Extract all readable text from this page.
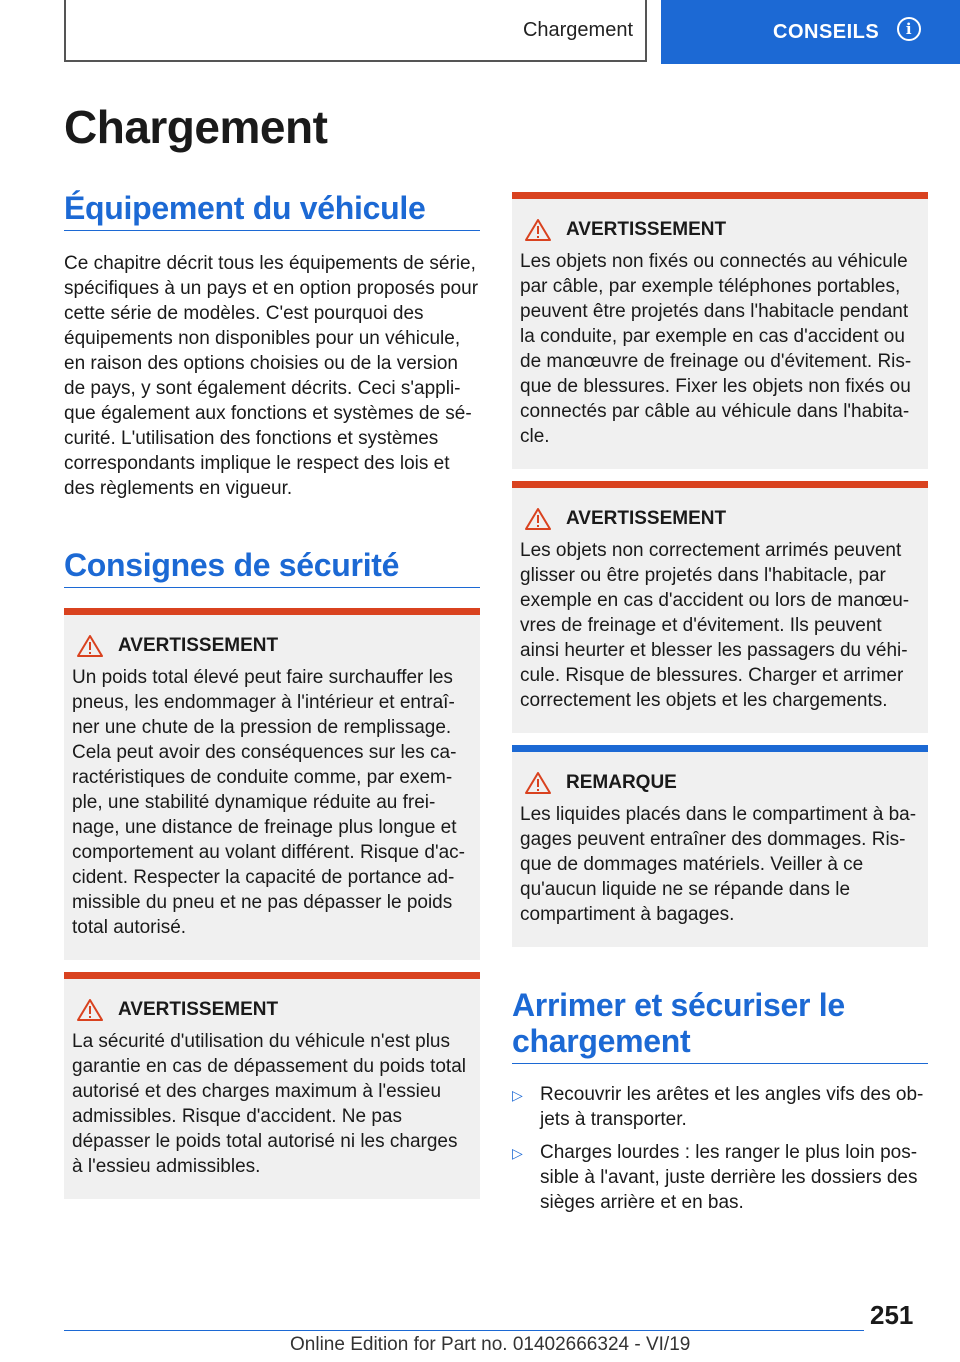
Chargement	CONSEILS	i
Chargement
Équipement du véhicule

Ce chapitre décrit tous les équipements de série, spécifiques à un pays et en option proposés pour cette série de modèles. C'est pourquoi des équipements non disponibles pour un véhicule, en raison des options choisies ou de la version de pays, y sont également décrits. Ceci s'applique également aux fonctions et systèmes de sécurité. L'utilisation des fonctions et systèmes correspondants implique le respect des lois et des règlements en vigueur.

Consignes de sécurité
AVERTISSEMENT

Un poids total élevé peut faire surchauffer les pneus, les endommager à l'intérieur et entraîner une chute de la pression de remplissage. Cela peut avoir des conséquences sur les caractéristiques de conduite comme, par exemple, une stabilité dynamique réduite au freinage, une distance de freinage plus longue et comportement au volant différent. Risque d'accident. Respecter la capacité de portance admissible du pneu et ne pas dépasser le poids total autorisé.

AVERTISSEMENT

La sécurité d'utilisation du véhicule n'est plus garantie en cas de dépassement du poids total autorisé et des charges maximum à l'essieu admissibles. Risque d'accident. Ne pas dépasser le poids total autorisé ni les charges à l'essieu admissibles.

AVERTISSEMENT

Les objets non fixés ou connectés au véhicule par câble, par exemple téléphones portables, peuvent être projetés dans l'habitacle pendant la conduite, par exemple en cas d'accident ou de manœuvre de freinage ou d'évitement. Risque de blessures. Fixer les objets non fixés ou connectés par câble au véhicule dans l'habitacle.

AVERTISSEMENT

Les objets non correctement arrimés peuvent glisser ou être projetés dans l'habitacle, par exemple en cas d'accident ou lors de manœuvres de freinage et d'évitement. Ils peuvent ainsi heurter et blesser les passagers du véhicule. Risque de blessures. Charger et arrimer correctement les objets et les chargements.

REMARQUE

Les liquides placés dans le compartiment à bagages peuvent entraîner des dommages. Risque de dommages matériels. Veiller à ce qu'aucun liquide ne se répande dans le compartiment à bagages.

Arrimer et sécuriser le chargement
▷ Recouvrir les arêtes et les angles vifs des objets à transporter.
▷ Charges lourdes : les ranger le plus loin possible à l'avant, juste derrière les dossiers des sièges arrière et en bas.
251
Online Edition for Part no. 01402666324 - VI/19
